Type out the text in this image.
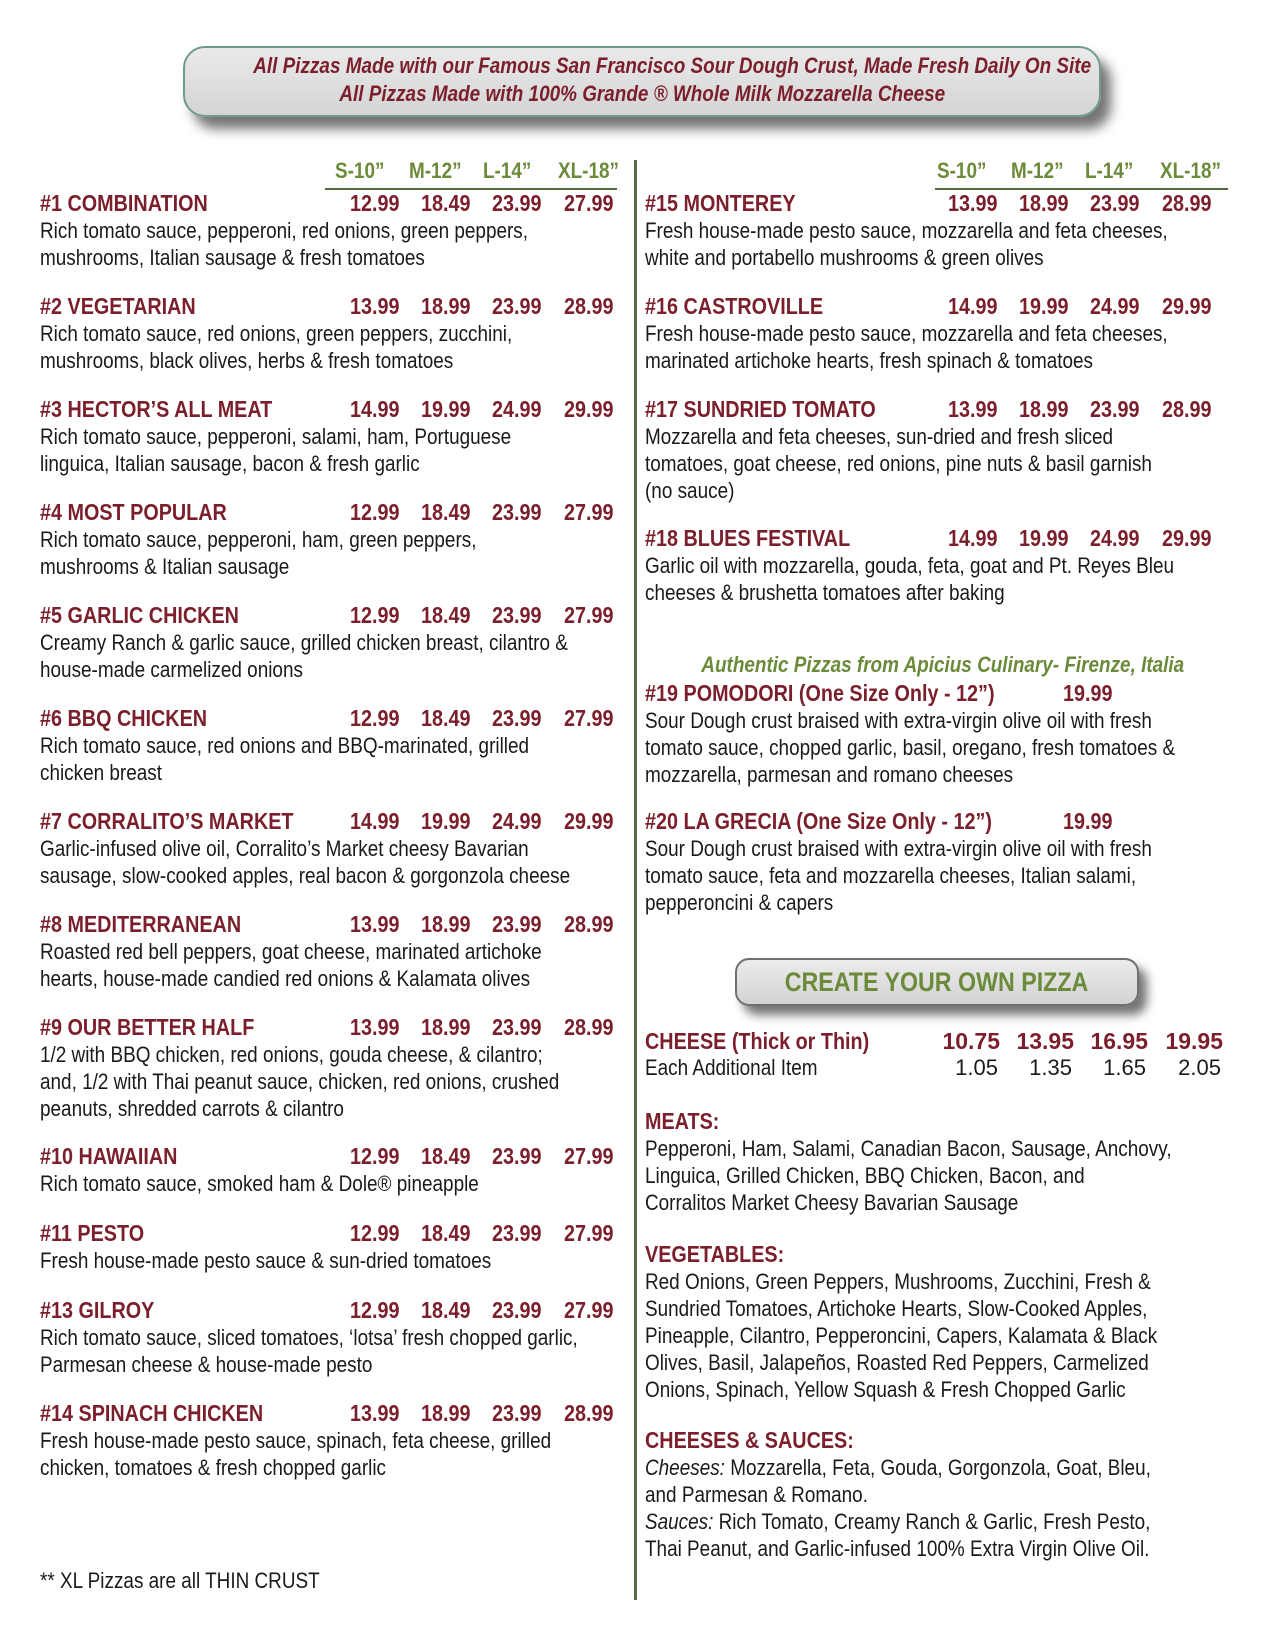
All Pizzas Made with our Famous San Francisco Sour Dough Crust, Made Fresh Daily On Site
All Pizzas Made with 100% Grande ® Whole Milk Mozzarella Cheese
S-10” M-12” L-14” XL-18”	S-10” M-12” L-14” XL-18”
#1 COMBINATION	12.99 18.49 23.99 27.99
Rich tomato sauce, pepperoni, red onions, green peppers,
mushrooms, Italian sausage & fresh tomatoes
#2 VEGETARIAN	13.99 18.99 23.99 28.99
Rich tomato sauce, red onions, green peppers, zucchini,
mushrooms, black olives, herbs & fresh tomatoes
#3 HECTOR’S ALL MEAT	14.99 19.99 24.99 29.99
Rich tomato sauce, pepperoni, salami, ham, Portuguese
linguica, Italian sausage, bacon & fresh garlic
#4 MOST POPULAR	12.99 18.49 23.99 27.99
Rich tomato sauce, pepperoni, ham, green peppers,
mushrooms & Italian sausage
#5 GARLIC CHICKEN	12.99 18.49 23.99 27.99
Creamy Ranch & garlic sauce, grilled chicken breast, cilantro &
house-made carmelized onions
#6 BBQ CHICKEN	12.99 18.49 23.99 27.99
Rich tomato sauce, red onions and BBQ-marinated, grilled
chicken breast
#7 CORRALITO’S MARKET	14.99 19.99 24.99 29.99
Garlic-infused olive oil, Corralito’s Market cheesy Bavarian
sausage, slow-cooked apples, real bacon & gorgonzola cheese
#8 MEDITERRANEAN	13.99 18.99 23.99 28.99
Roasted red bell peppers, goat cheese, marinated artichoke
hearts, house-made candied red onions & Kalamata olives
#9 OUR BETTER HALF	13.99 18.99 23.99 28.99
1/2 with BBQ chicken, red onions, gouda cheese, & cilantro;
and, 1/2 with Thai peanut sauce, chicken, red onions, crushed
peanuts, shredded carrots & cilantro
#10 HAWAIIAN	12.99 18.49 23.99 27.99
Rich tomato sauce, smoked ham & Dole® pineapple
#11 PESTO	12.99 18.49 23.99 27.99
Fresh house-made pesto sauce & sun-dried tomatoes
#13 GILROY	12.99 18.49 23.99 27.99
Rich tomato sauce, sliced tomatoes, ‘lotsa’ fresh chopped garlic,
Parmesan cheese & house-made pesto
#14 SPINACH CHICKEN	13.99 18.99 23.99 28.99
Fresh house-made pesto sauce, spinach, feta cheese, grilled
chicken, tomatoes & fresh chopped garlic
#15 MONTEREY	13.99 18.99 23.99 28.99
Fresh house-made pesto sauce, mozzarella and feta cheeses,
white and portabello mushrooms & green olives
#16 CASTROVILLE	14.99 19.99 24.99 29.99
Fresh house-made pesto sauce, mozzarella and feta cheeses,
marinated artichoke hearts, fresh spinach & tomatoes
#17 SUNDRIED TOMATO	13.99 18.99 23.99 28.99
Mozzarella and feta cheeses, sun-dried and fresh sliced
tomatoes, goat cheese, red onions, pine nuts & basil garnish
(no sauce)
#18 BLUES FESTIVAL	14.99 19.99 24.99 29.99
Garlic oil with mozzarella, gouda, feta, goat and Pt. Reyes Bleu
cheeses & brushetta tomatoes after baking
** XL Pizzas are all THIN CRUST
Authentic Pizzas from Apicius Culinary- Firenze, Italia
#19 POMODORI (One Size Only - 12”)	19.99
Sour Dough crust braised with extra-virgin olive oil with fresh
tomato sauce, chopped garlic, basil, oregano, fresh tomatoes &
mozzarella, parmesan and romano cheeses
#20 LA GRECIA (One Size Only - 12”)	19.99
Sour Dough crust braised with extra-virgin olive oil with fresh
tomato sauce, feta and mozzarella cheeses, Italian salami,
pepperoncini & capers
CREATE YOUR OWN PIZZA
CHEESE (Thick or Thin)	10.75 13.95 16.95 19.95
Each Additional Item	1.05	1.35	1.65	2.05
MEATS:
Pepperoni, Ham, Salami, Canadian Bacon, Sausage, Anchovy,
Linguica, Grilled Chicken, BBQ Chicken, Bacon, and
Corralitos Market Cheesy Bavarian Sausage
VEGETABLES:
Red Onions, Green Peppers, Mushrooms, Zucchini, Fresh &
Sundried Tomatoes, Artichoke Hearts, Slow-Cooked Apples,
Pineapple, Cilantro, Pepperoncini, Capers, Kalamata & Black
Olives, Basil, Jalapeños, Roasted Red Peppers, Carmelized
Onions, Spinach, Yellow Squash & Fresh Chopped Garlic
CHEESES & SAUCES:
Cheeses: Mozzarella, Feta, Gouda, Gorgonzola, Goat, Bleu,
and Parmesan & Romano.
Sauces: Rich Tomato, Creamy Ranch & Garlic, Fresh Pesto,
Thai Peanut, and Garlic-infused 100% Extra Virgin Olive Oil.
